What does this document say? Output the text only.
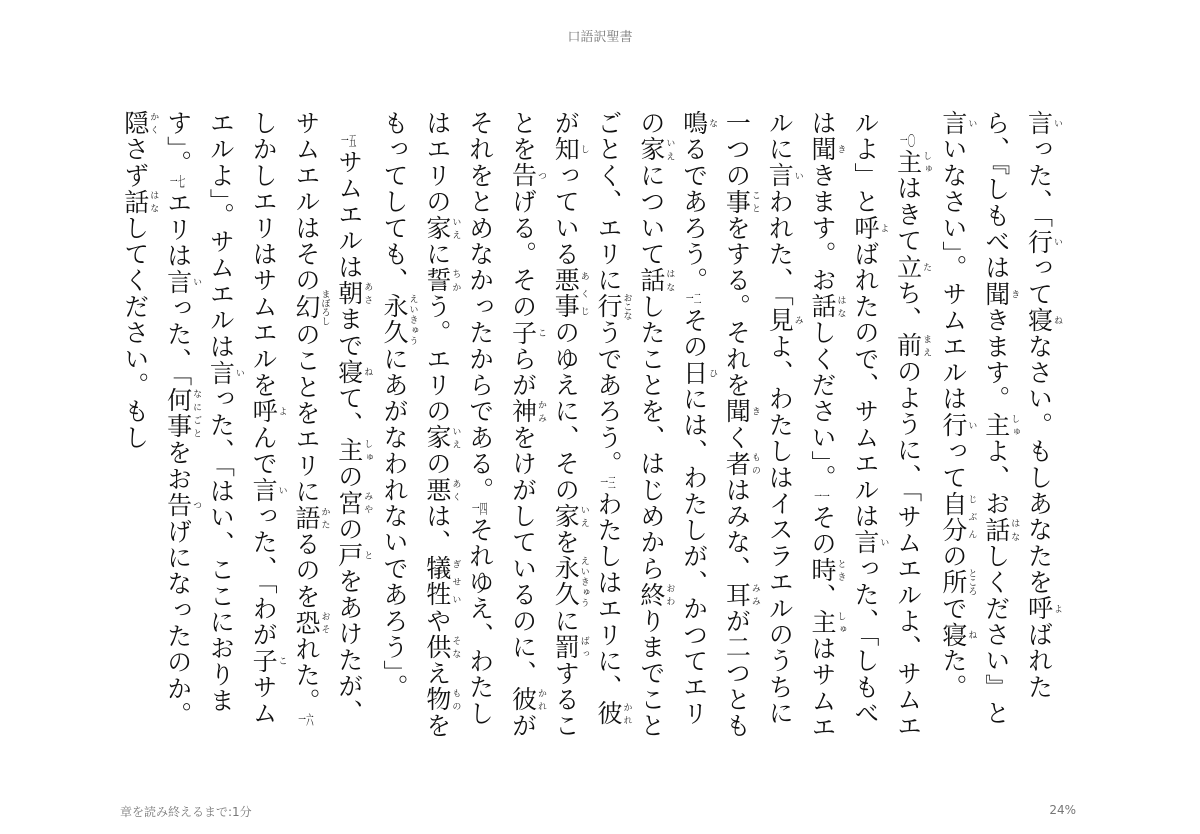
口語訳聖書

言いった、「行いって寝ねなさい。もしあなたを呼よばれたら、『しもべは聞ききます。主しゅよ、お話はなしください』と言いいなさい」。サムエルは行いって自分じぶんの所ところで寝ねた。

一〇主しゅはきて立たち、前まえのように、「サムエルよ、サムエルよ」と呼よばれたので、サムエルは言いった、「しもべは聞ききます。お話はなしください」。一一その時とき、主しゅはサムエルに言いわれた、「見みよ、わたしはイスラエルのうちに一つの事ことをする。それを聞きく者ものはみな、耳みみが二つとも鳴なるであろう。一二その日ひには、わたしが、かつてエリの家いえについて話はなしたことを、はじめから終おわりまでことごとく、エリに行おこなうであろう。一三わたしはエリに、彼かれが知しっている悪事あくじのゆえに、その家いえを永久えいきゅうに罰ばっすることを告つげる。その子こらが神かみをけがしているのに、彼かれがそれをとめなかったからである。一四それゆえ、わたしはエリの家いえに誓ちかう。エリの家いえの悪あくは、犠牲ぎせいや供そなえ物ものをもってしても、永久えいきゅうにあがなわれないであろう」。

一五サムエルは朝あさまで寝ねて、主しゅの宮みやの戸とをあけたが、サムエルはその幻まぼろしのことをエリに語かたるのを恐おそれた。一六しかしエリはサムエルを呼よんで言いった、「わが子こサムエルよ」。サムエルは言いった、「はい、ここにおります」。一七エリは言いった、「何事なにごとをお告つげになったのか。隠かくさず話はなしてください。もし

章を読み終えるまで:1分	24%
